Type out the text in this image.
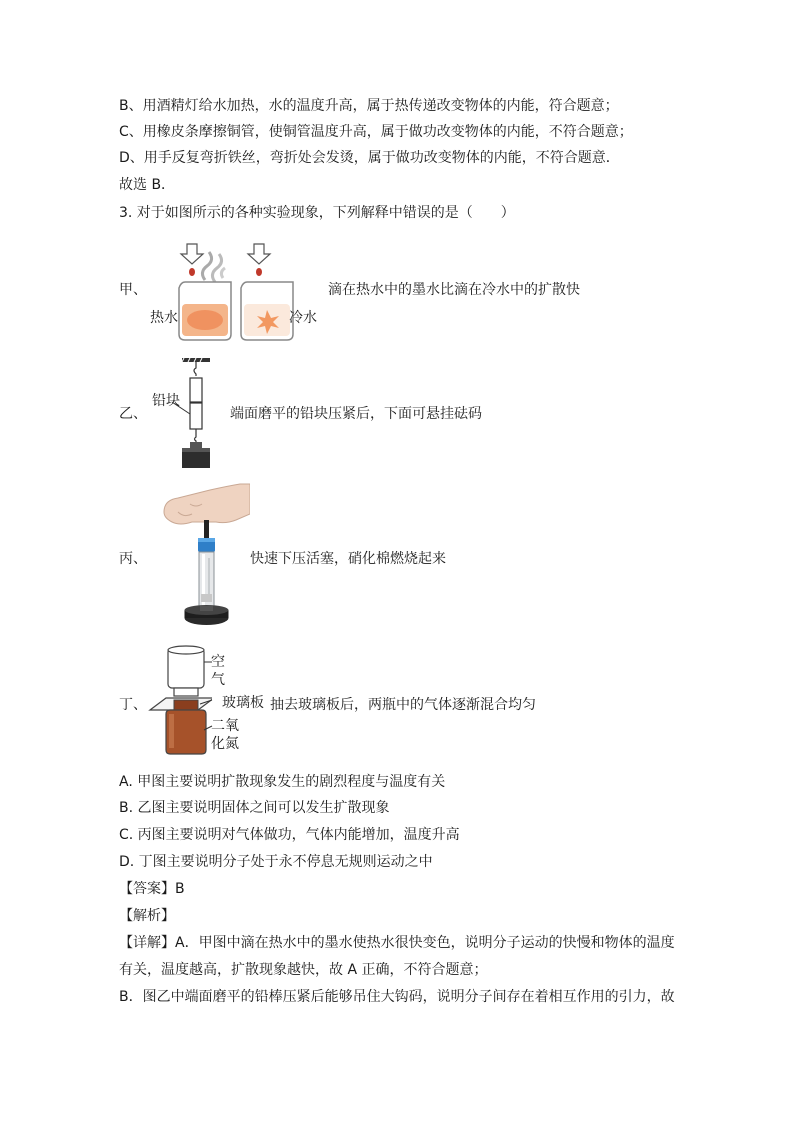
B、用酒精灯给水加热，水的温度升高，属于热传递改变物体的内能，符合题意；
C、用橡皮条摩擦铜管，使铜管温度升高，属于做功改变物体的内能，不符合题意；
D、用手反复弯折铁丝，弯折处会发烫，属于做功改变物体的内能，不符合题意．
故选 B．
3. 对于如图所示的各种实验现象，下列解释中错误的是（　　）
甲、
热水	冷水
滴在热水中的墨水比滴在冷水中的扩散快
乙、
铅块
端面磨平的铅块压紧后，下面可悬挂砝码
丙、	快速下压活塞，硝化棉燃烧起来
丁、
空
气
玻璃板 抽去玻璃板后，两瓶中的气体逐渐混合均匀
二氧
化氮
A. 甲图主要说明扩散现象发生的剧烈程度与温度有关
B. 乙图主要说明固体之间可以发生扩散现象
C. 丙图主要说明对气体做功，气体内能增加，温度升高
D. 丁图主要说明分子处于永不停息无规则运动之中
【答案】B
【解析】
【详解】A．甲图中滴在热水中的墨水使热水很快变色，说明分子运动的快慢和物体的温度
有关，温度越高，扩散现象越快，故 A 正确，不符合题意；
B．图乙中端面磨平的铅棒压紧后能够吊住大钩码，说明分子间存在着相互作用的引力，故
